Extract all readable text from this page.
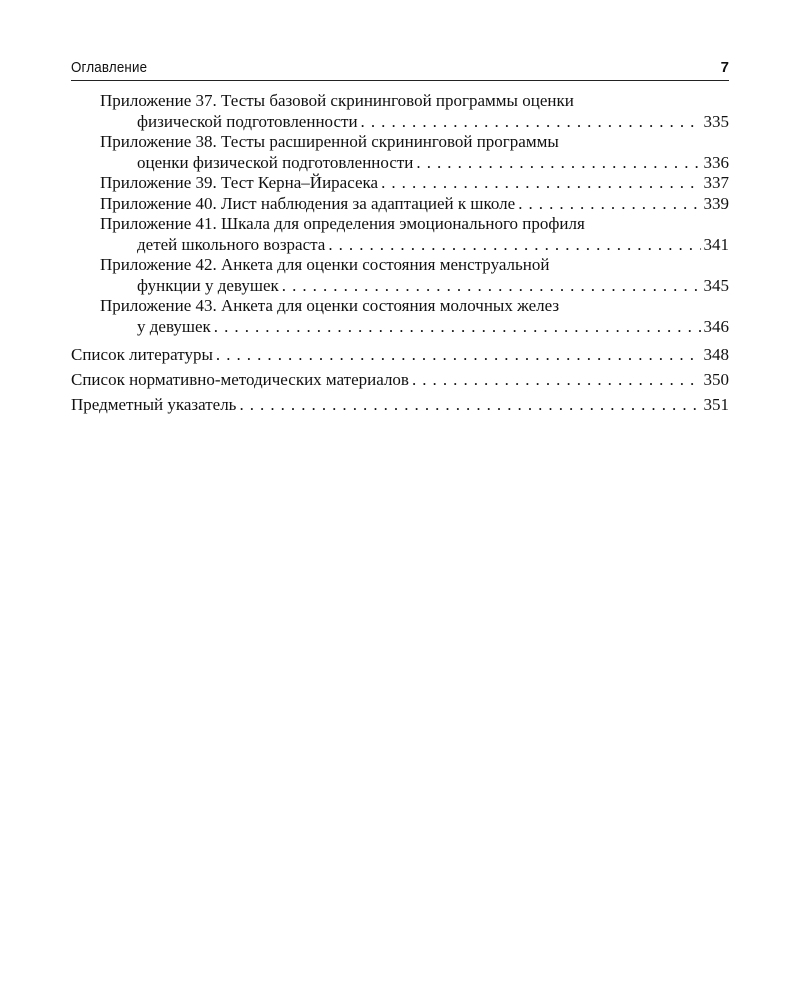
Оглавление	7
Приложение 37. Тесты базовой скрининговой программы оценки
физической подготовленности . . .	335
Приложение 38. Тесты расширенной скрининговой программы
оценки физической подготовленности . . .	336
Приложение 39. Тест Керна–Йирасека . . .	337
Приложение 40. Лист наблюдения за адаптацией к школе . . .	339
Приложение 41. Шкала для определения эмоционального профиля
детей школьного возраста . . .	341
Приложение 42. Анкета для оценки состояния менструальной
функции у девушек . . .	345
Приложение 43. Анкета для оценки состояния молочных желез
у девушек . . .	346
Список литературы . . .	348
Список нормативно-методических материалов . . .	350
Предметный указатель . . .	351
